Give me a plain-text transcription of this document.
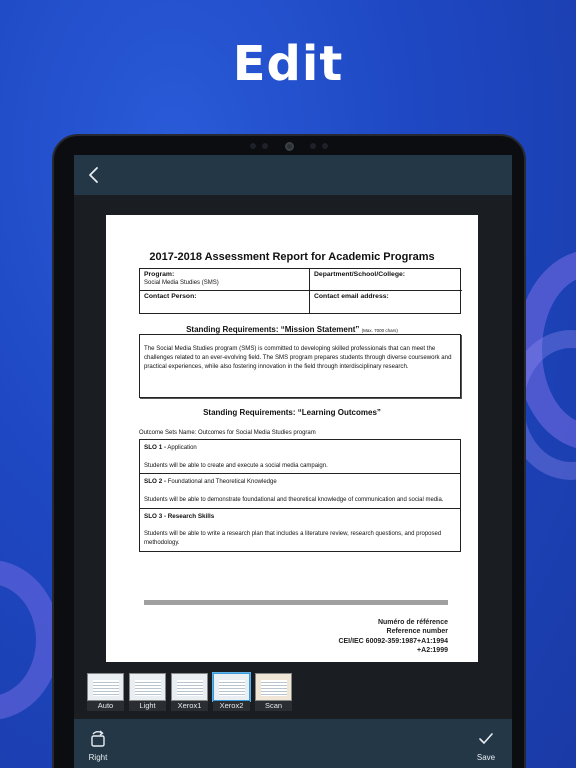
Edit
2017-2018 Assessment Report for Academic Programs
Program:
Social Media Studies (SMS)
Department/School/College:
Contact Person:	Contact email address:
Standing Requirements: “Mission Statement” (Max. 7000 chars)
The Social Media Studies program (SMS) is committed to developing skilled professionals that can meet the challenges related to an ever-evolving field. The SMS program prepares students through diverse coursework and practical experiences, while also fostering innovation in the field through interdisciplinary research.
Standing Requirements: “Learning Outcomes”
Outcome Sets Name: Outcomes for Social Media Studies program
SLO 1 - Application

Students will be able to create and execute a social media campaign.

SLO 2 - Foundational and Theoretical Knowledge

Students will be able to demonstrate foundational and theoretical knowledge of communication and social media.

SLO 3 - Research Skills

Students will be able to write a research plan that includes a literature review, research questions, and proposed methodology.

Numéro de référence
Reference number
CEI/IEC 60092-359:1987+A1:1994
+A2:1999
Auto	Light	Xerox1	Xerox2	Scan
Right	Save
